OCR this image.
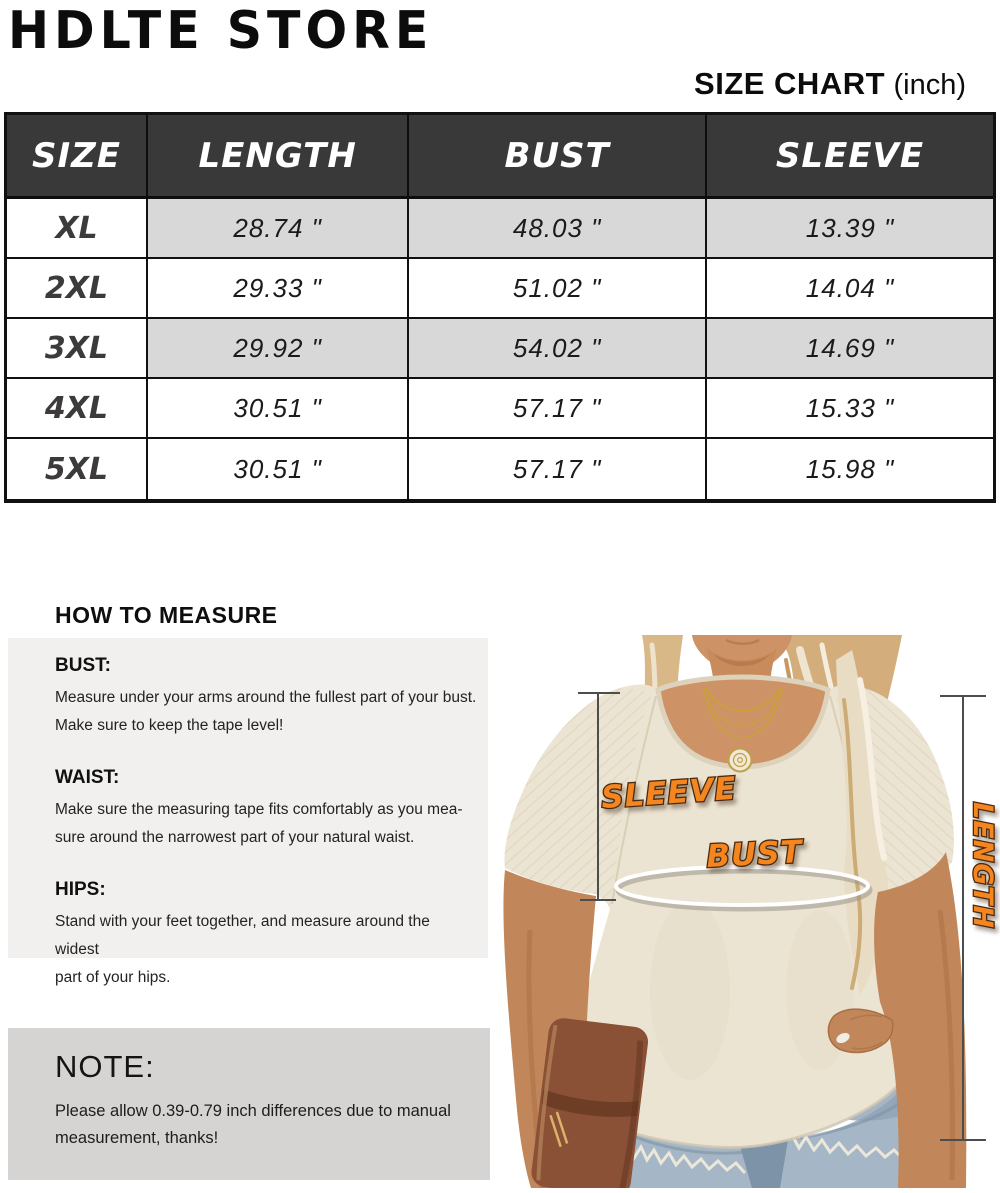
HDLTE STORE
SIZE CHART (inch)
SIZE	LENGTH	BUST	SLEEVE
XL	28.74 "	48.03 "	13.39 "
2XL	29.33 "	51.02 "	14.04 "
3XL	29.92 "	54.02 "	14.69 "
4XL	30.51 "	57.17 "	15.33 "
5XL	30.51 "	57.17 "	15.98 "
HOW TO MEASURE
BUST:
Measure under your arms around the fullest part of your bust.
Make sure to keep the tape level!
WAIST:
Make sure the measuring tape fits comfortably as you mea-
sure around the narrowest part of your natural waist.
HIPS:
Stand with your feet together, and measure around the widest
part of your hips.
NOTE:
Please allow 0.39-0.79 inch differences due to manual
measurement, thanks!
SLEEVE
BUST	LENGTH
